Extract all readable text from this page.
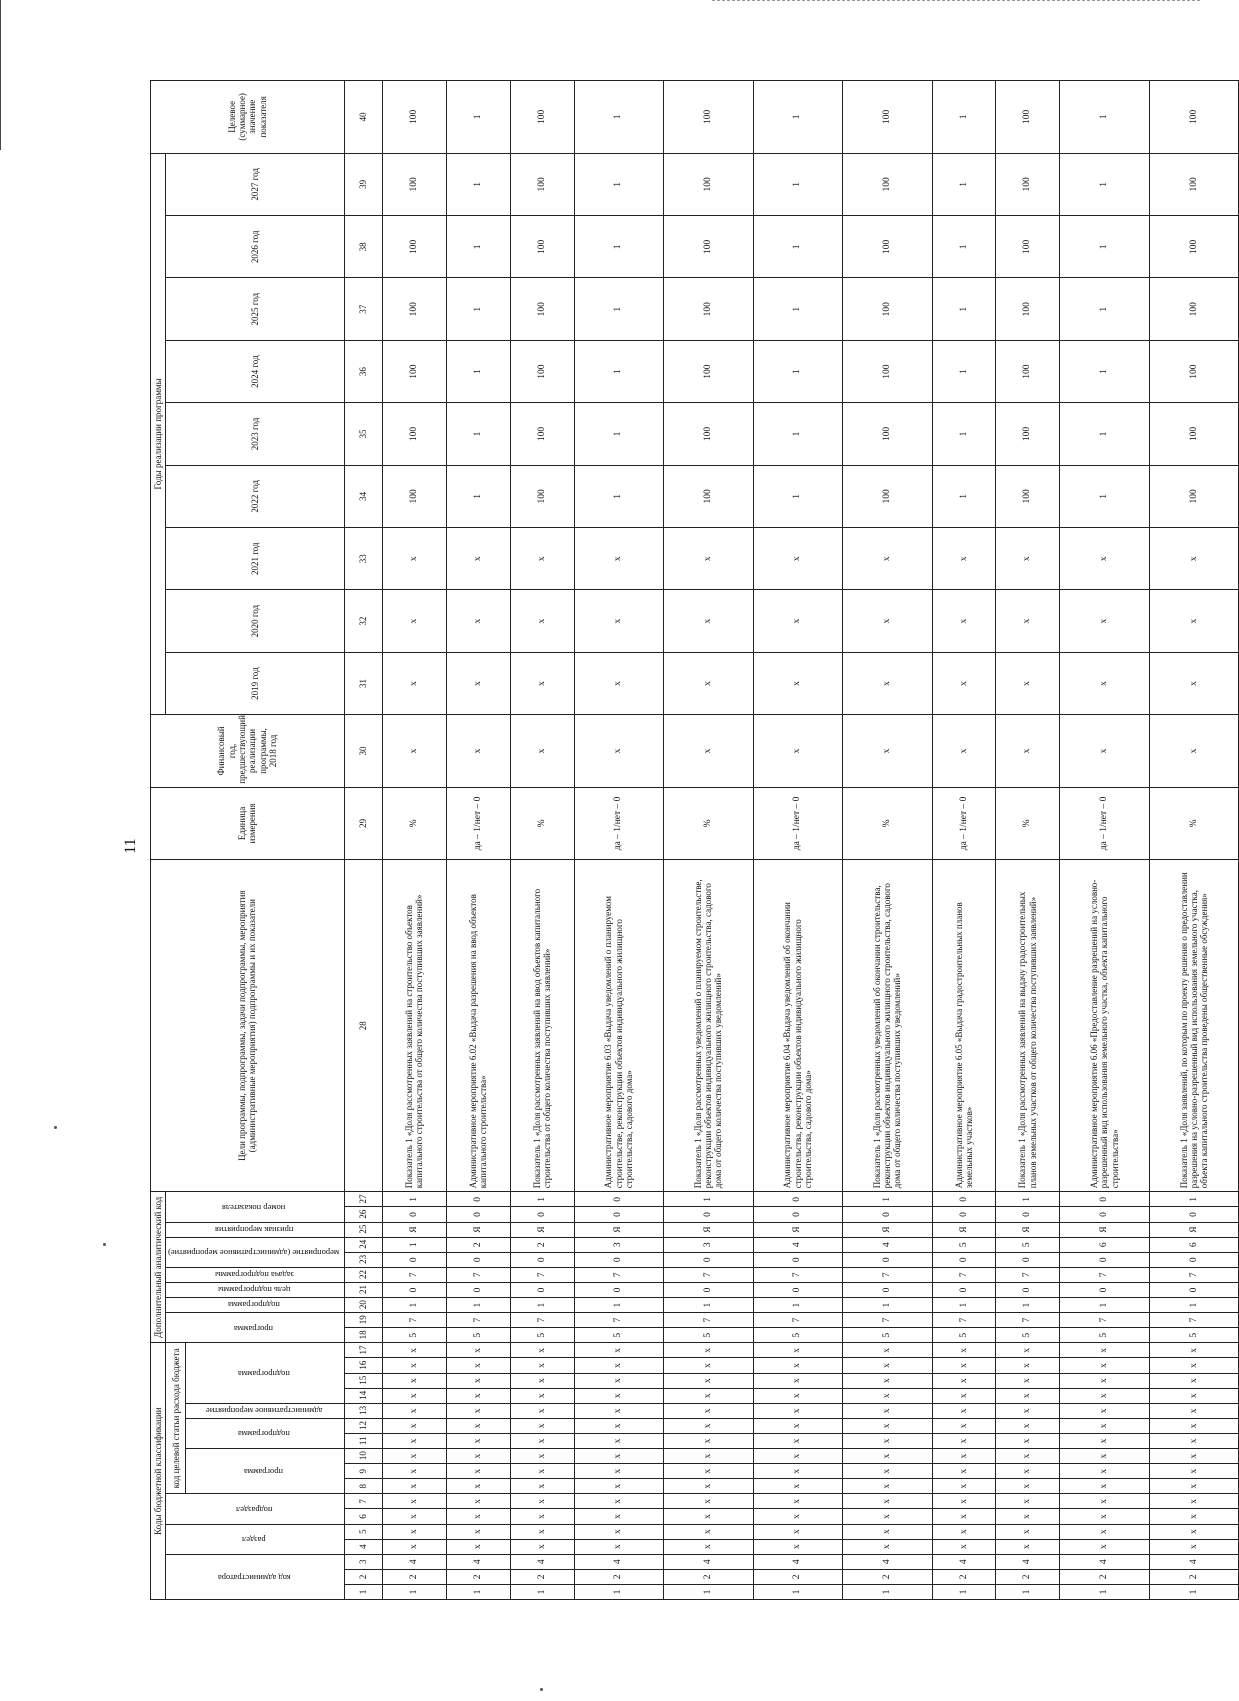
11
Коды бюджетной классификации																	Дополнительный аналитический код										Цели программы, подпрограммы, задачи подпрограммы, мероприятия (административные мероприятия) подпрограммы и их показатели	Единица измерения	Финансовый год, предшествующий реализации программы, 2018 год	Годы реализации программы									Целевое (суммарное) значение показателя
код администратора			раздел		подраздел		код целевой статьи расхода бюджета										программа		подпрограмма	цель подпрограммы	задача подпрограммы	мероприятие (административное мероприятие)		признак мероприятия	номер показателя					2019 год	2020 год	2021 год	2022 год	2023 год	2024 год	2025 год	2026 год	2027 год	
							программа			подпрограмма		административное мероприятие	подпрограмма																										
1	2	3	4	5	6	7	8	9	10	11	12	13	14	15	16	17	18	19	20	21	22	23	24	25	26	27	28	29	30	31	32	33	34	35	36	37	38	39	40
1	2	4	х	х	х	х	х	х	х	х	х	х	х	х	х	х	5	7	1	0	7	0	1	Я	0	1	Показатель 1 «Доля рассмотренных заявлений на строительство объектов капитального строительства от общего количества поступивших заявлений»	%	х	х	х	х	100	100	100	100	100	100	100
1	2	4	х	х	х	х	х	х	х	х	х	х	х	х	х	х	5	7	1	0	7	0	2	Я	0	0	Административное мероприятие 6.02 «Выдача разрешения на ввод объектов капитального строительства»	да – 1/нет – 0	х	х	х	х	1	1	1	1	1	1	1
1	2	4	х	х	х	х	х	х	х	х	х	х	х	х	х	х	5	7	1	0	7	0	2	Я	0	1	Показатель 1 «Доля рассмотренных заявлений на ввод объектов капитального строительства от общего количества поступивших заявлений»	%	х	х	х	х	100	100	100	100	100	100	100
1	2	4	х	х	х	х	х	х	х	х	х	х	х	х	х	х	5	7	1	0	7	0	3	Я	0	0	Административное мероприятие 6.03 «Выдача уведомлений о планируемом строительстве, реконструкции объектов индивидуального жилищного строительства, садового дома»	да – 1/нет – 0	х	х	х	х	1	1	1	1	1	1	1
1	2	4	х	х	х	х	х	х	х	х	х	х	х	х	х	х	5	7	1	0	7	0	3	Я	0	1	Показатель 1 «Доля рассмотренных уведомлений о планируемом строительстве, реконструкции объектов индивидуального жилищного строительства, садового дома от общего количества поступивших уведомлений»	%	х	х	х	х	100	100	100	100	100	100	100
1	2	4	х	х	х	х	х	х	х	х	х	х	х	х	х	х	5	7	1	0	7	0	4	Я	0	0	Административное мероприятие 6.04 «Выдача уведомлений об окончании строительства, реконструкции объектов индивидуального жилищного строительства, садового дома»	да – 1/нет – 0	х	х	х	х	1	1	1	1	1	1	1
1	2	4	х	х	х	х	х	х	х	х	х	х	х	х	х	х	5	7	1	0	7	0	4	Я	0	1	Показатель 1 «Доля рассмотренных уведомлений об окончании строительства, реконструкции объектов индивидуального жилищного строительства, садового дома от общего количества поступивших уведомлений»	%	х	х	х	х	100	100	100	100	100	100	100
1	2	4	х	х	х	х	х	х	х	х	х	х	х	х	х	х	5	7	1	0	7	0	5	Я	0	0	Административное мероприятие 6.05 «Выдача градостроительных планов земельных участков»	да – 1/нет – 0	х	х	х	х	1	1	1	1	1	1	1
1	2	4	х	х	х	х	х	х	х	х	х	х	х	х	х	х	5	7	1	0	7	0	5	Я	0	1	Показатель 1 «Доля рассмотренных заявлений на выдачу градостроительных планов земельных участков от общего количества поступивших заявлений»	%	х	х	х	х	100	100	100	100	100	100	100
1	2	4	х	х	х	х	х	х	х	х	х	х	х	х	х	х	5	7	1	0	7	0	6	Я	0	0	Административное мероприятие 6.06 «Предоставление разрешений на условно-разрешенный вид использования земельного участка, объекта капитального строительства»	да – 1/нет – 0	х	х	х	х	1	1	1	1	1	1	1
1	2	4	х	х	х	х	х	х	х	х	х	х	х	х	х	х	5	7	1	0	7	0	6	Я	0	1	Показатель 1 «Доля заявлений, по которым по проекту решения о предоставлении разрешения на условно-разрешенный вид использования земельного участка, объекта капитального строительства проведены общественные обсуждения»	%	х	х	х	х	100	100	100	100	100	100	100
